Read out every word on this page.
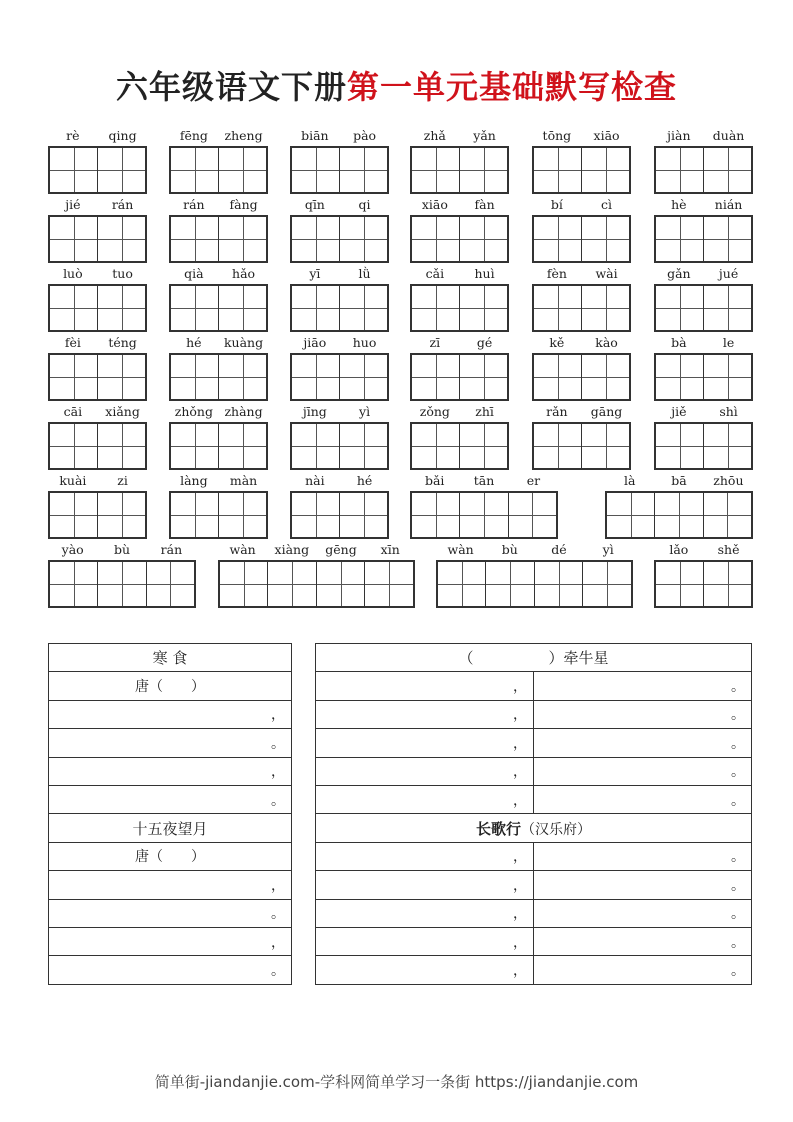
六年级语文下册第一单元基础默写检查
rè	qing	fēng	zheng	biān	pào	zhǎ	yǎn	tōng	xiāo	jiàn	duàn
jié	rán	rán	fàng	qīn	qi	xiāo	fàn	bí	cì	hè	nián
luò	tuo	qià	hǎo	yī	lǜ	cǎi	huì	fèn	wài	gǎn	jué
fèi	téng	hé	kuàng	jiāo	huo	zī	gé	kě	kào	bà	le
cāi	xiǎng	zhǒng zhàng	jīng	yì	zǒng	zhī	rǎn	gāng	jiě	shì
kuài	zi	làng	màn	nài	hé	bǎi	tān	er	là	bā	zhōu
yào	bù	rán	wàn	xiàng	gēng	xīn	wàn	bù	dé	yì	lǎo	shě
寒 食
唐（　　）
，
。
，
。
十五夜望月
唐（　　）
，
。
，
。
（　　　　　）牵牛星
，	。
，	。
，	。
，	。
，	。
长歌行（汉乐府）
，	。
，	。
，	。
，	。
，	。
简单街-jiandanjie.com-学科网简单学习一条街 https://jiandanjie.com
